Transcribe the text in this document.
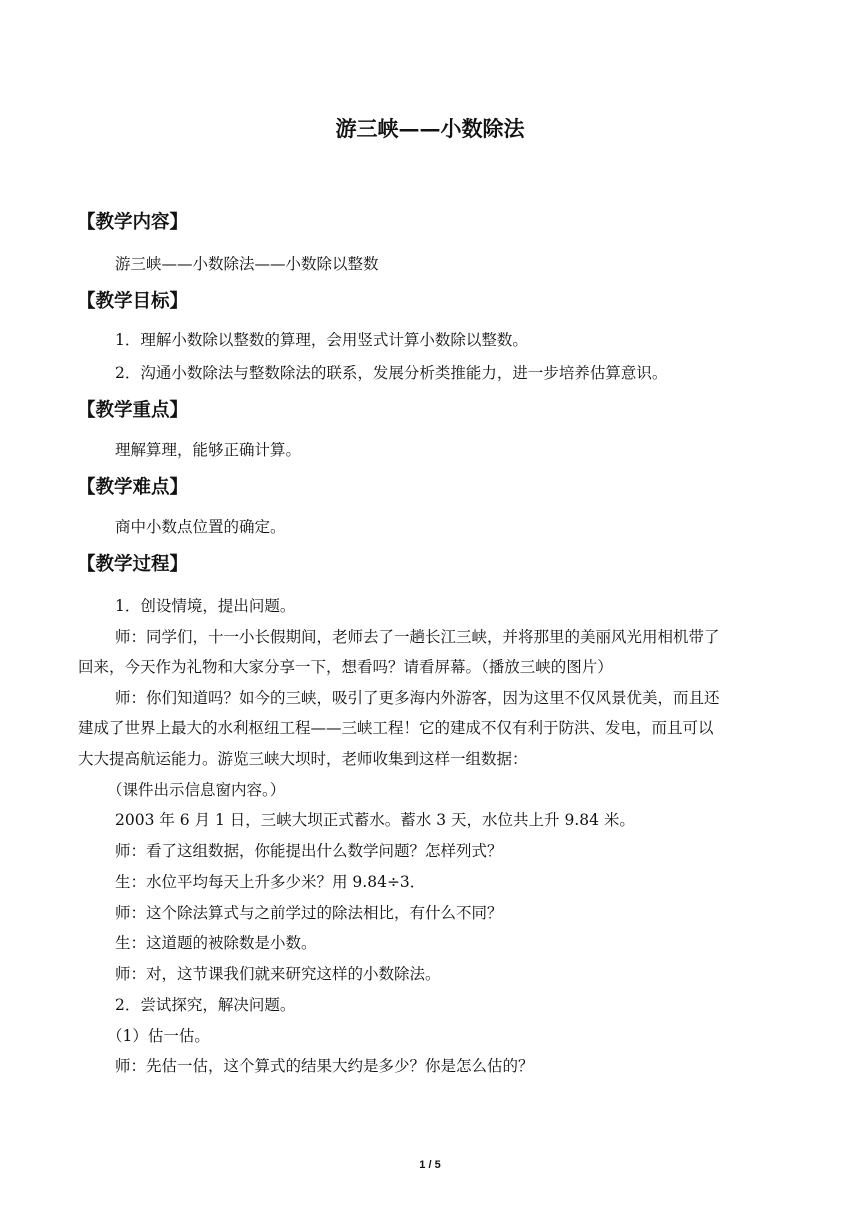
游三峡——小数除法
【教学内容】
游三峡——小数除法——小数除以整数
【教学目标】
1．理解小数除以整数的算理，会用竖式计算小数除以整数。
2．沟通小数除法与整数除法的联系，发展分析类推能力，进一步培养估算意识。
【教学重点】
理解算理，能够正确计算。
【教学难点】
商中小数点位置的确定。
【教学过程】
1．创设情境，提出问题。
师：同学们，十一小长假期间，老师去了一趟长江三峡，并将那里的美丽风光用相机带了
回来，今天作为礼物和大家分享一下，想看吗？请看屏幕。（播放三峡的图片）
师：你们知道吗？如今的三峡，吸引了更多海内外游客，因为这里不仅风景优美，而且还
建成了世界上最大的水利枢纽工程——三峡工程！它的建成不仅有利于防洪、发电，而且可以
大大提高航运能力。游览三峡大坝时，老师收集到这样一组数据：
（课件出示信息窗内容。）
2003 年 6 月 1 日，三峡大坝正式蓄水。蓄水 3 天，水位共上升 9.84 米。
师：看了这组数据，你能提出什么数学问题？怎样列式？
生：水位平均每天上升多少米？用 9.84÷3．
师：这个除法算式与之前学过的除法相比，有什么不同？
生：这道题的被除数是小数。
师：对，这节课我们就来研究这样的小数除法。
2．尝试探究，解决问题。
（1）估一估。
师：先估一估，这个算式的结果大约是多少？你是怎么估的？
1 / 5
